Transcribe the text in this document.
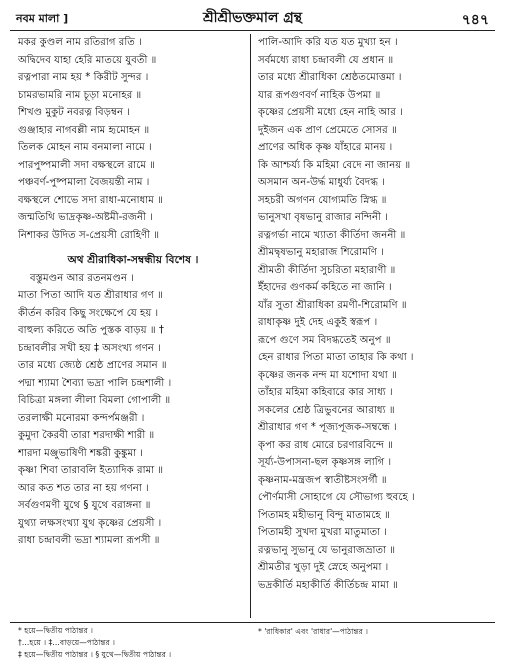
নবম মালা ]	শ্রীশ্রীভক্তমাল গ্রন্থ	৭৪৭
মকর কুণ্ডল নাম রতিরাগ রতি ।
অদ্বিদেব যাহা হেরি মাতয়ে যুবতী ॥
রত্নপারা নাম হয় * কিরীট সুন্দর ।
চামরভামরি নাম চূড়া মনোহর ॥
শিখণ্ড মুকুট নবরত্ন বিড়ম্বন ।
গুঞ্জাহার নাগবল্লী নাম হৃমোহন ॥
তিলক মোহন নাম বনমালা নামে ।
পারপুষ্পমালী সদা বক্ষস্থলে রামে ॥
পঞ্চবর্ণ-পুষ্পমালা বৈজয়ন্তী নাম ।
বক্ষস্থলে শোভে সদা রাধা-মনোধাম ॥
জন্মতিথি ভাদ্রকৃষ্ণ-অষ্টমী-রজনী ।
নিশাকর উদিত স-প্রেয়সী রোহিণী ॥
অথ শ্রীরাধিকা-সম্বন্ধীয় বিশেষ ।
বস্তুমণ্ডন আর রতনমণ্ডন ।
মাতা পিতা আদি যত শ্রীরাধার গণ ॥
কীর্তন করিব কিছু সংক্ষেপে যে হয় ।
বাহুল্য করিতে অতি পুস্তক বাড়য় ॥ †
চন্দ্রাবলীর সখী হয় ‡ অসংখ্য গণন ।
তার মধ্যে জ্যেষ্ঠ শ্রেষ্ঠ প্রাণের সমান ॥
পদ্মা শ্যামা শৈব্যা ভদ্রা পালি চন্দ্রশালী ।
বিচিত্রা মঙ্গলা লীলা বিমলা গোপালী ॥
তরলাক্ষী মনোরমা কন্দর্পমঞ্জরী ।
কুমুদা কৈরবী তারা শরদাক্ষী শারী ॥
শারদা মঞ্জুভাষিণী শঙ্করী কুঙ্কুমা ।
কৃষ্ণা শিবা তারাবলি ইত্যাদিক রামা ॥
আর কত শত তার না হয় গণনা ।
সর্বগুণমণী যুথে § যুথে বরাঙ্গনা ॥
যুথ্যা লক্ষসংখ্যা যুথ কৃষ্ণের প্রেয়সী ।
রাধা চন্দ্রাবলী ভদ্রা শ্যামলা রূপসী ॥
পালি-আদি করি যত যত মুখ্যা হন ।
সর্বমধ্যে রাধা চন্দ্রাবলী যে প্রধান ॥
তার মধ্যে শ্রীরাধিকা শ্রেষ্ঠতমোত্তমা ।
যার রূপগুণবর্ণ নাহিক উপমা ॥
কৃষ্ণের প্রেয়সী মধ্যে হেন নাহি আর ।
দুইজন এক প্রাণ প্রেমেতে সোসর ॥
প্রাণের অধিক কৃষ্ণ যাঁহারে মানয় ।
কি আশ্চর্য্য কি মহিমা বেদে না জানয় ॥
অসমান অন-উর্দ্ধ মাধুর্য্য বৈদগ্ধ ।
সহচরী অগণন যোগ্যমতি স্নিগ্ধ ॥
ভানুসখা বৃষভানু রাজার নন্দিনী ।
রত্নগর্ভা নামে খ্যাতা কীর্তিদা জননী ॥
শ্রীমদ্বৃষভানু মহারাজ শিরোমণি ।
শ্রীমতী কীর্তিদা সুচরিতা মহারাণী ॥
ইঁহাদের গুণকর্ম কহিতে না জানি ।
যাঁর সুতা শ্রীরাধিকা রমণী-শিরোমণি ॥
রাধাকৃষ্ণ দুই দেহ একুই স্বরূপ ।
রূপে গুণে সম বিদগ্ধতেই অনুপ ॥
হেন রাধার পিতা মাতা তাহার কি কথা ।
কৃষ্ণের জনক নন্দ মা যশোদা যথা ॥
তাঁহার মহিমা কহিবারে কার সাধ্য ।
সকলের শ্রেষ্ঠ ত্রিভুবনের আরাধ্য ॥
শ্রীরাধার গণ * পূজ্যপূজক-সম্বন্ধে ।
কৃপা কর রাধ মোরে চরণারবিন্দে ॥
সূর্য্য-উপাসনা-ছল কৃষ্ণসঙ্গ লাগি ।
কৃষ্ণনাম-মন্ত্রজপ স্বাতীষ্টসংসর্গী ॥
পৌর্ণমাসী সোহাগে যে সৌভাগ্য হুবহে ।
পিতামহ মহীভানু বিন্দু মাতামহে ॥
পিতামহী সুখদা মুখরা মাতুমাতা ।
রত্নভানু সুভানু যে ভানুরাজভ্রাতা ॥
শ্রীমতীর খুড়া দুই স্নেহে অনুপমা ।
ভদ্রকীর্তি মহাকীর্তি কীর্তিচন্দ্র মামা ॥
* হয়ে—দ্বিতীয় পাঠান্তর ।
†…হয়ে । ‡…বাড়য়ে—পাঠান্তর ।
‡ হয়ে—দ্বিতীয় পাঠান্তর । § যুথে—দ্বিতীয় পাঠান্তর ।
* 'রাধিকার' এবং 'রাধার'—পাঠান্তর ।
